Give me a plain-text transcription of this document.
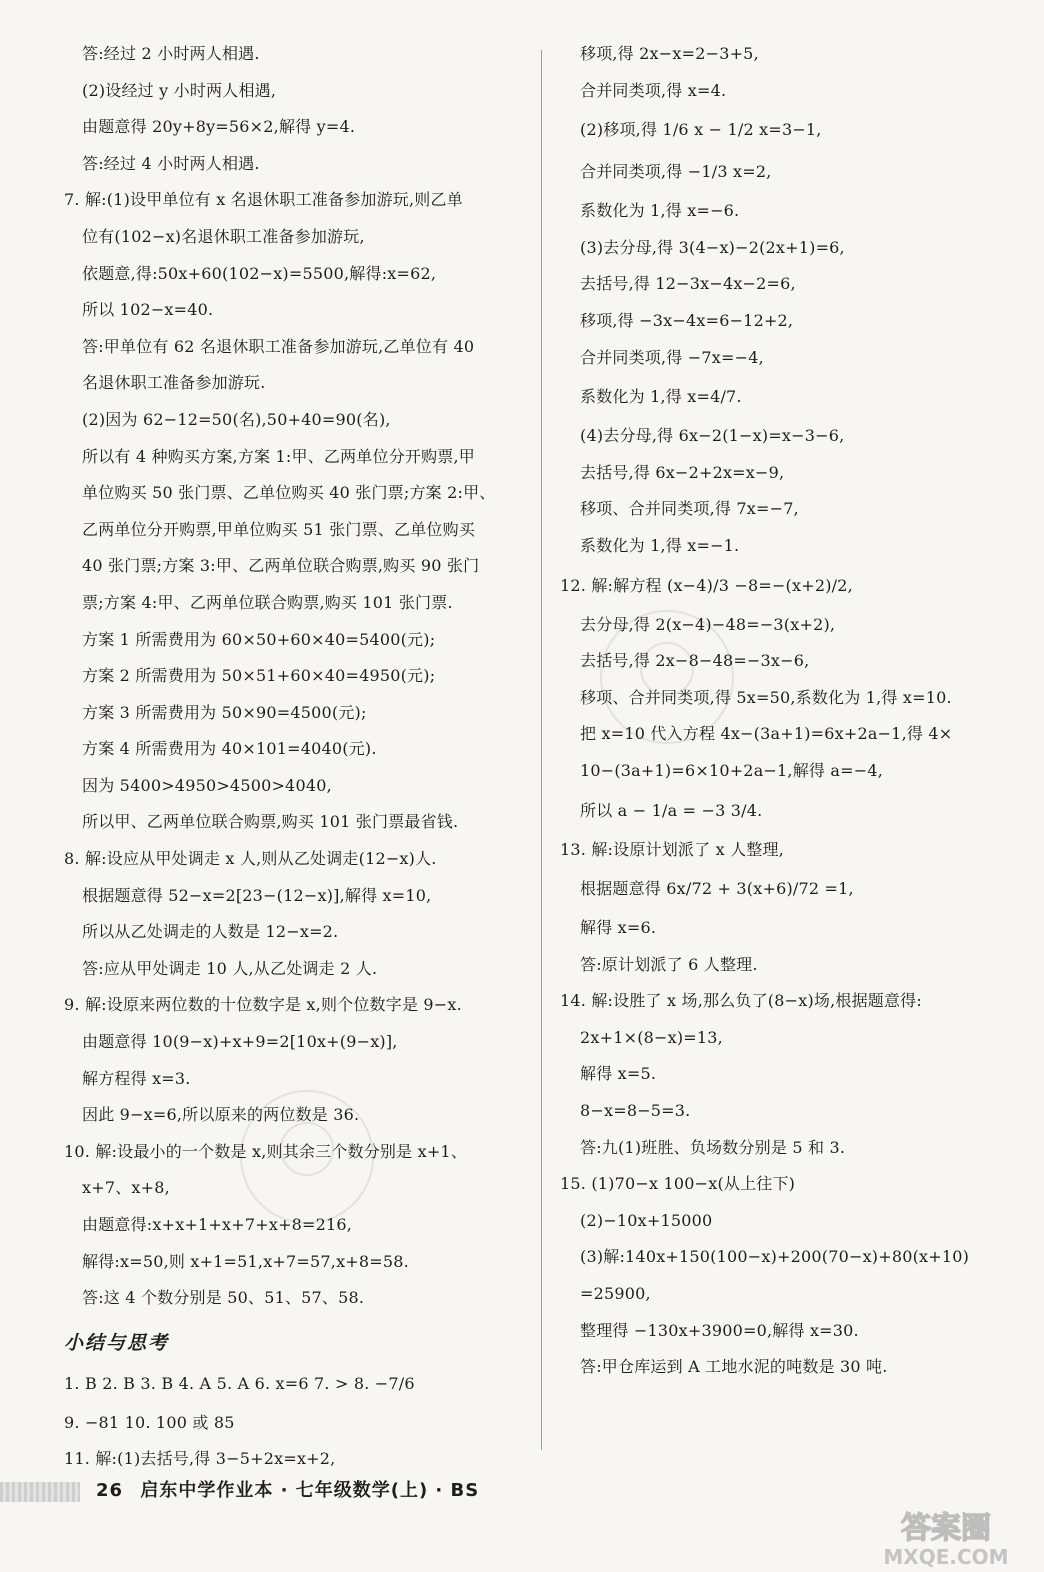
答:经过 2 小时两人相遇.
(2)设经过 y 小时两人相遇,
由题意得 20y+8y=56×2,解得 y=4.
答:经过 4 小时两人相遇.
7. 解:(1)设甲单位有 x 名退休职工准备参加游玩,则乙单
位有(102−x)名退休职工准备参加游玩,
依题意,得:50x+60(102−x)=5500,解得:x=62,
所以 102−x=40.
答:甲单位有 62 名退休职工准备参加游玩,乙单位有 40
名退休职工准备参加游玩.
(2)因为 62−12=50(名),50+40=90(名),
所以有 4 种购买方案,方案 1:甲、乙两单位分开购票,甲
单位购买 50 张门票、乙单位购买 40 张门票;方案 2:甲、
乙两单位分开购票,甲单位购买 51 张门票、乙单位购买
40 张门票;方案 3:甲、乙两单位联合购票,购买 90 张门
票;方案 4:甲、乙两单位联合购票,购买 101 张门票.
方案 1 所需费用为 60×50+60×40=5400(元);
方案 2 所需费用为 50×51+60×40=4950(元);
方案 3 所需费用为 50×90=4500(元);
方案 4 所需费用为 40×101=4040(元).
因为 5400>4950>4500>4040,
所以甲、乙两单位联合购票,购买 101 张门票最省钱.
8. 解:设应从甲处调走 x 人,则从乙处调走(12−x)人.
根据题意得 52−x=2[23−(12−x)],解得 x=10,
所以从乙处调走的人数是 12−x=2.
答:应从甲处调走 10 人,从乙处调走 2 人.
9. 解:设原来两位数的十位数字是 x,则个位数字是 9−x.
由题意得 10(9−x)+x+9=2[10x+(9−x)],
解方程得 x=3.
因此 9−x=6,所以原来的两位数是 36.
10. 解:设最小的一个数是 x,则其余三个数分别是 x+1、
x+7、x+8,
由题意得:x+x+1+x+7+x+8=216,
解得:x=50,则 x+1=51,x+7=57,x+8=58.
答:这 4 个数分别是 50、51、57、58.
小结与思考
1. B 2. B 3. B 4. A 5. A 6. x=6 7. > 8. −7/6
9. −81 10. 100 或 85
11. 解:(1)去括号,得 3−5+2x=x+2,
移项,得 2x−x=2−3+5,
合并同类项,得 x=4.
(2)移项,得 1/6 x − 1/2 x=3−1,
合并同类项,得 −1/3 x=2,
系数化为 1,得 x=−6.
(3)去分母,得 3(4−x)−2(2x+1)=6,
去括号,得 12−3x−4x−2=6,
移项,得 −3x−4x=6−12+2,
合并同类项,得 −7x=−4,
系数化为 1,得 x=4/7.
(4)去分母,得 6x−2(1−x)=x−3−6,
去括号,得 6x−2+2x=x−9,
移项、合并同类项,得 7x=−7,
系数化为 1,得 x=−1.
12. 解:解方程 (x−4)/3 −8=−(x+2)/2,
去分母,得 2(x−4)−48=−3(x+2),
去括号,得 2x−8−48=−3x−6,
移项、合并同类项,得 5x=50,系数化为 1,得 x=10.
把 x=10 代入方程 4x−(3a+1)=6x+2a−1,得 4×
10−(3a+1)=6×10+2a−1,解得 a=−4,
所以 a − 1/a = −3 3/4.
13. 解:设原计划派了 x 人整理,
根据题意得 6x/72 + 3(x+6)/72 =1,
解得 x=6.
答:原计划派了 6 人整理.
14. 解:设胜了 x 场,那么负了(8−x)场,根据题意得:
2x+1×(8−x)=13,
解得 x=5.
8−x=8−5=3.
答:九(1)班胜、负场数分别是 5 和 3.
15. (1)70−x 100−x(从上往下)
(2)−10x+15000
(3)解:140x+150(100−x)+200(70−x)+80(x+10)
=25900,
整理得 −130x+3900=0,解得 x=30.
答:甲仓库运到 A 工地水泥的吨数是 30 吨.
26 启东中学作业本 · 七年级数学(上) · BS
答案圈
MXQE.COM
